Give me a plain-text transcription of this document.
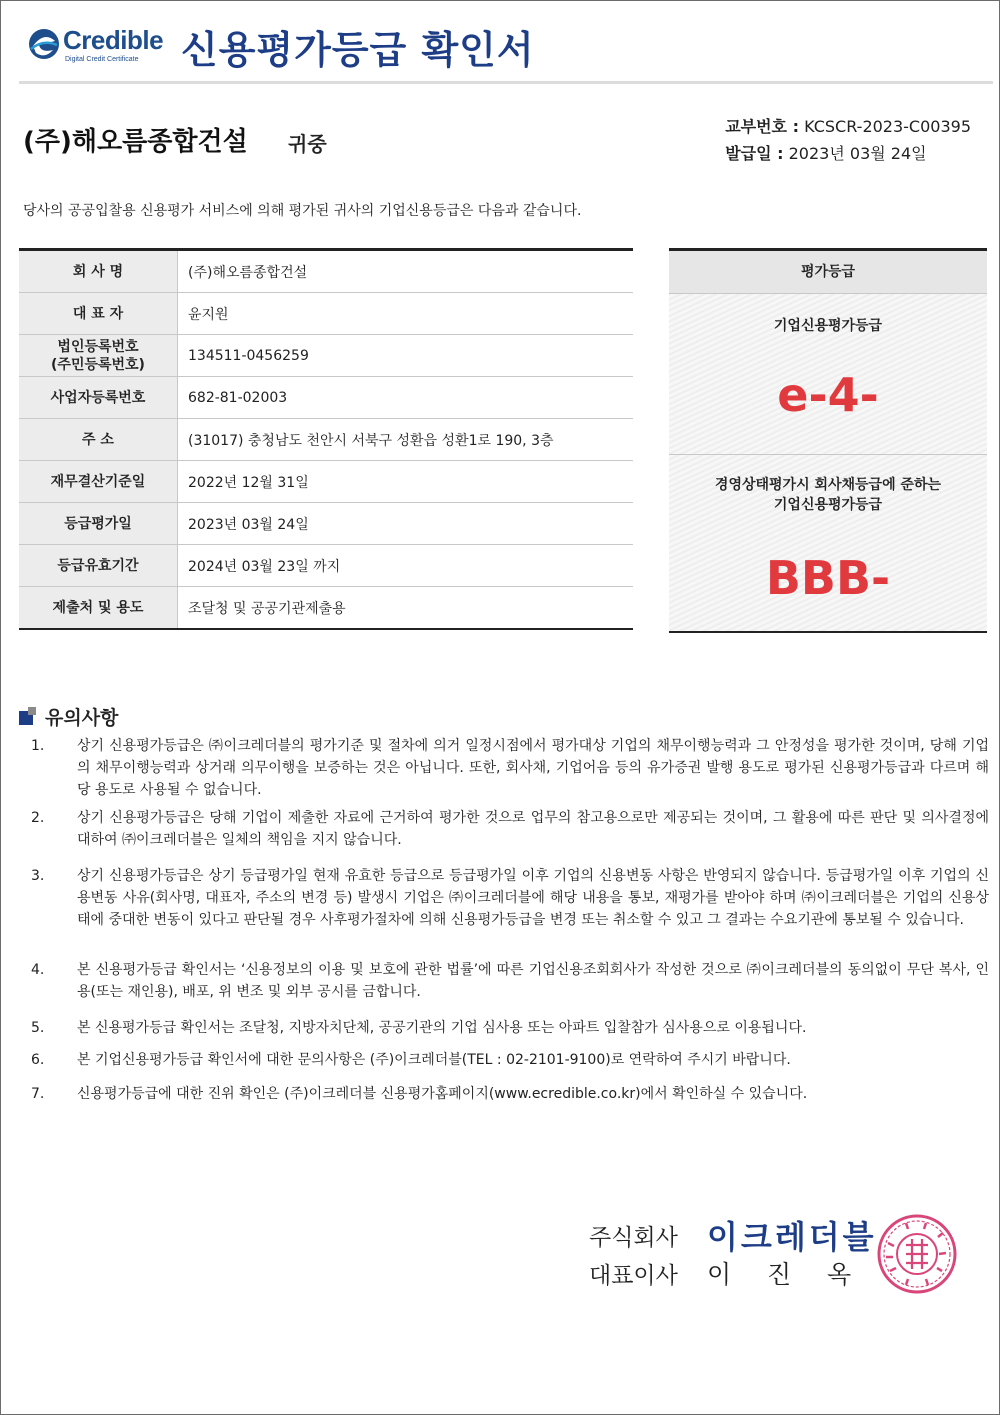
Credible
Digital Credit Certificate 신용평가등급 확인서
(주)해오름종합건설 귀중
교부번호 : KCSCR-2023-C00395
발급일 : 2023년 03월 24일
당사의 공공입찰용 신용평가 서비스에 의해 평가된 귀사의 기업신용등급은 다음과 같습니다.
회 사 명	(주)해오름종합건설
대 표 자	윤지원
법인등록번호
(주민등록번호)	134511-0456259
사업자등록번호	682-81-02003
주 소	(31017) 충청남도 천안시 서북구 성환읍 성환1로 190, 3층
재무결산기준일	2022년 12월 31일
등급평가일	2023년 03월 24일
등급유효기간	2024년 03월 23일 까지
제출처 및 용도	조달청 및 공공기관제출용
평가등급
기업신용평가등급
e-4-
경영상태평가시 회사채등급에 준하는
기업신용평가등급
BBB-
유의사항
1.	상기 신용평가등급은 ㈜이크레더블의 평가기준 및 절차에 의거 일정시점에서 평가대상 기업의 채무이행능력과 그 안정성을 평가한 것이며, 당해 기업의 채무이행능력과 상거래 의무이행을 보증하는 것은 아닙니다. 또한, 회사채, 기업어음 등의 유가증권 발행 용도로 평가된 신용평가등급과 다르며 해당 용도로 사용될 수 없습니다.
2.	상기 신용평가등급은 당해 기업이 제출한 자료에 근거하여 평가한 것으로 업무의 참고용으로만 제공되는 것이며, 그 활용에 따른 판단 및 의사결정에 대하여 ㈜이크레더블은 일체의 책임을 지지 않습니다.
3.	상기 신용평가등급은 상기 등급평가일 현재 유효한 등급으로 등급평가일 이후 기업의 신용변동 사항은 반영되지 않습니다. 등급평가일 이후 기업의 신용변동 사유(회사명, 대표자, 주소의 변경 등) 발생시 기업은 ㈜이크레더블에 해당 내용을 통보, 재평가를 받아야 하며 ㈜이크레더블은 기업의 신용상태에 중대한 변동이 있다고 판단될 경우 사후평가절차에 의해 신용평가등급을 변경 또는 취소할 수 있고 그 결과는 수요기관에 통보될 수 있습니다.
4.	본 신용평가등급 확인서는 ‘신용정보의 이용 및 보호에 관한 법률’에 따른 기업신용조회회사가 작성한 것으로 ㈜이크레더블의 동의없이 무단 복사, 인용(또는 재인용), 배포, 위 변조 및 외부 공시를 금합니다.
5.	본 신용평가등급 확인서는 조달청, 지방자치단체, 공공기관의 기업 심사용 또는 아파트 입찰참가 심사용으로 이용됩니다.
6.	본 기업신용평가등급 확인서에 대한 문의사항은 (주)이크레더블(TEL : 02-2101-9100)로 연락하여 주시기 바랍니다.
7.	신용평가등급에 대한 진위 확인은 (주)이크레더블 신용평가홈페이지(www.ecredible.co.kr)에서 확인하실 수 있습니다.
주식회사 이크레더블
대표이사 이 진 옥
